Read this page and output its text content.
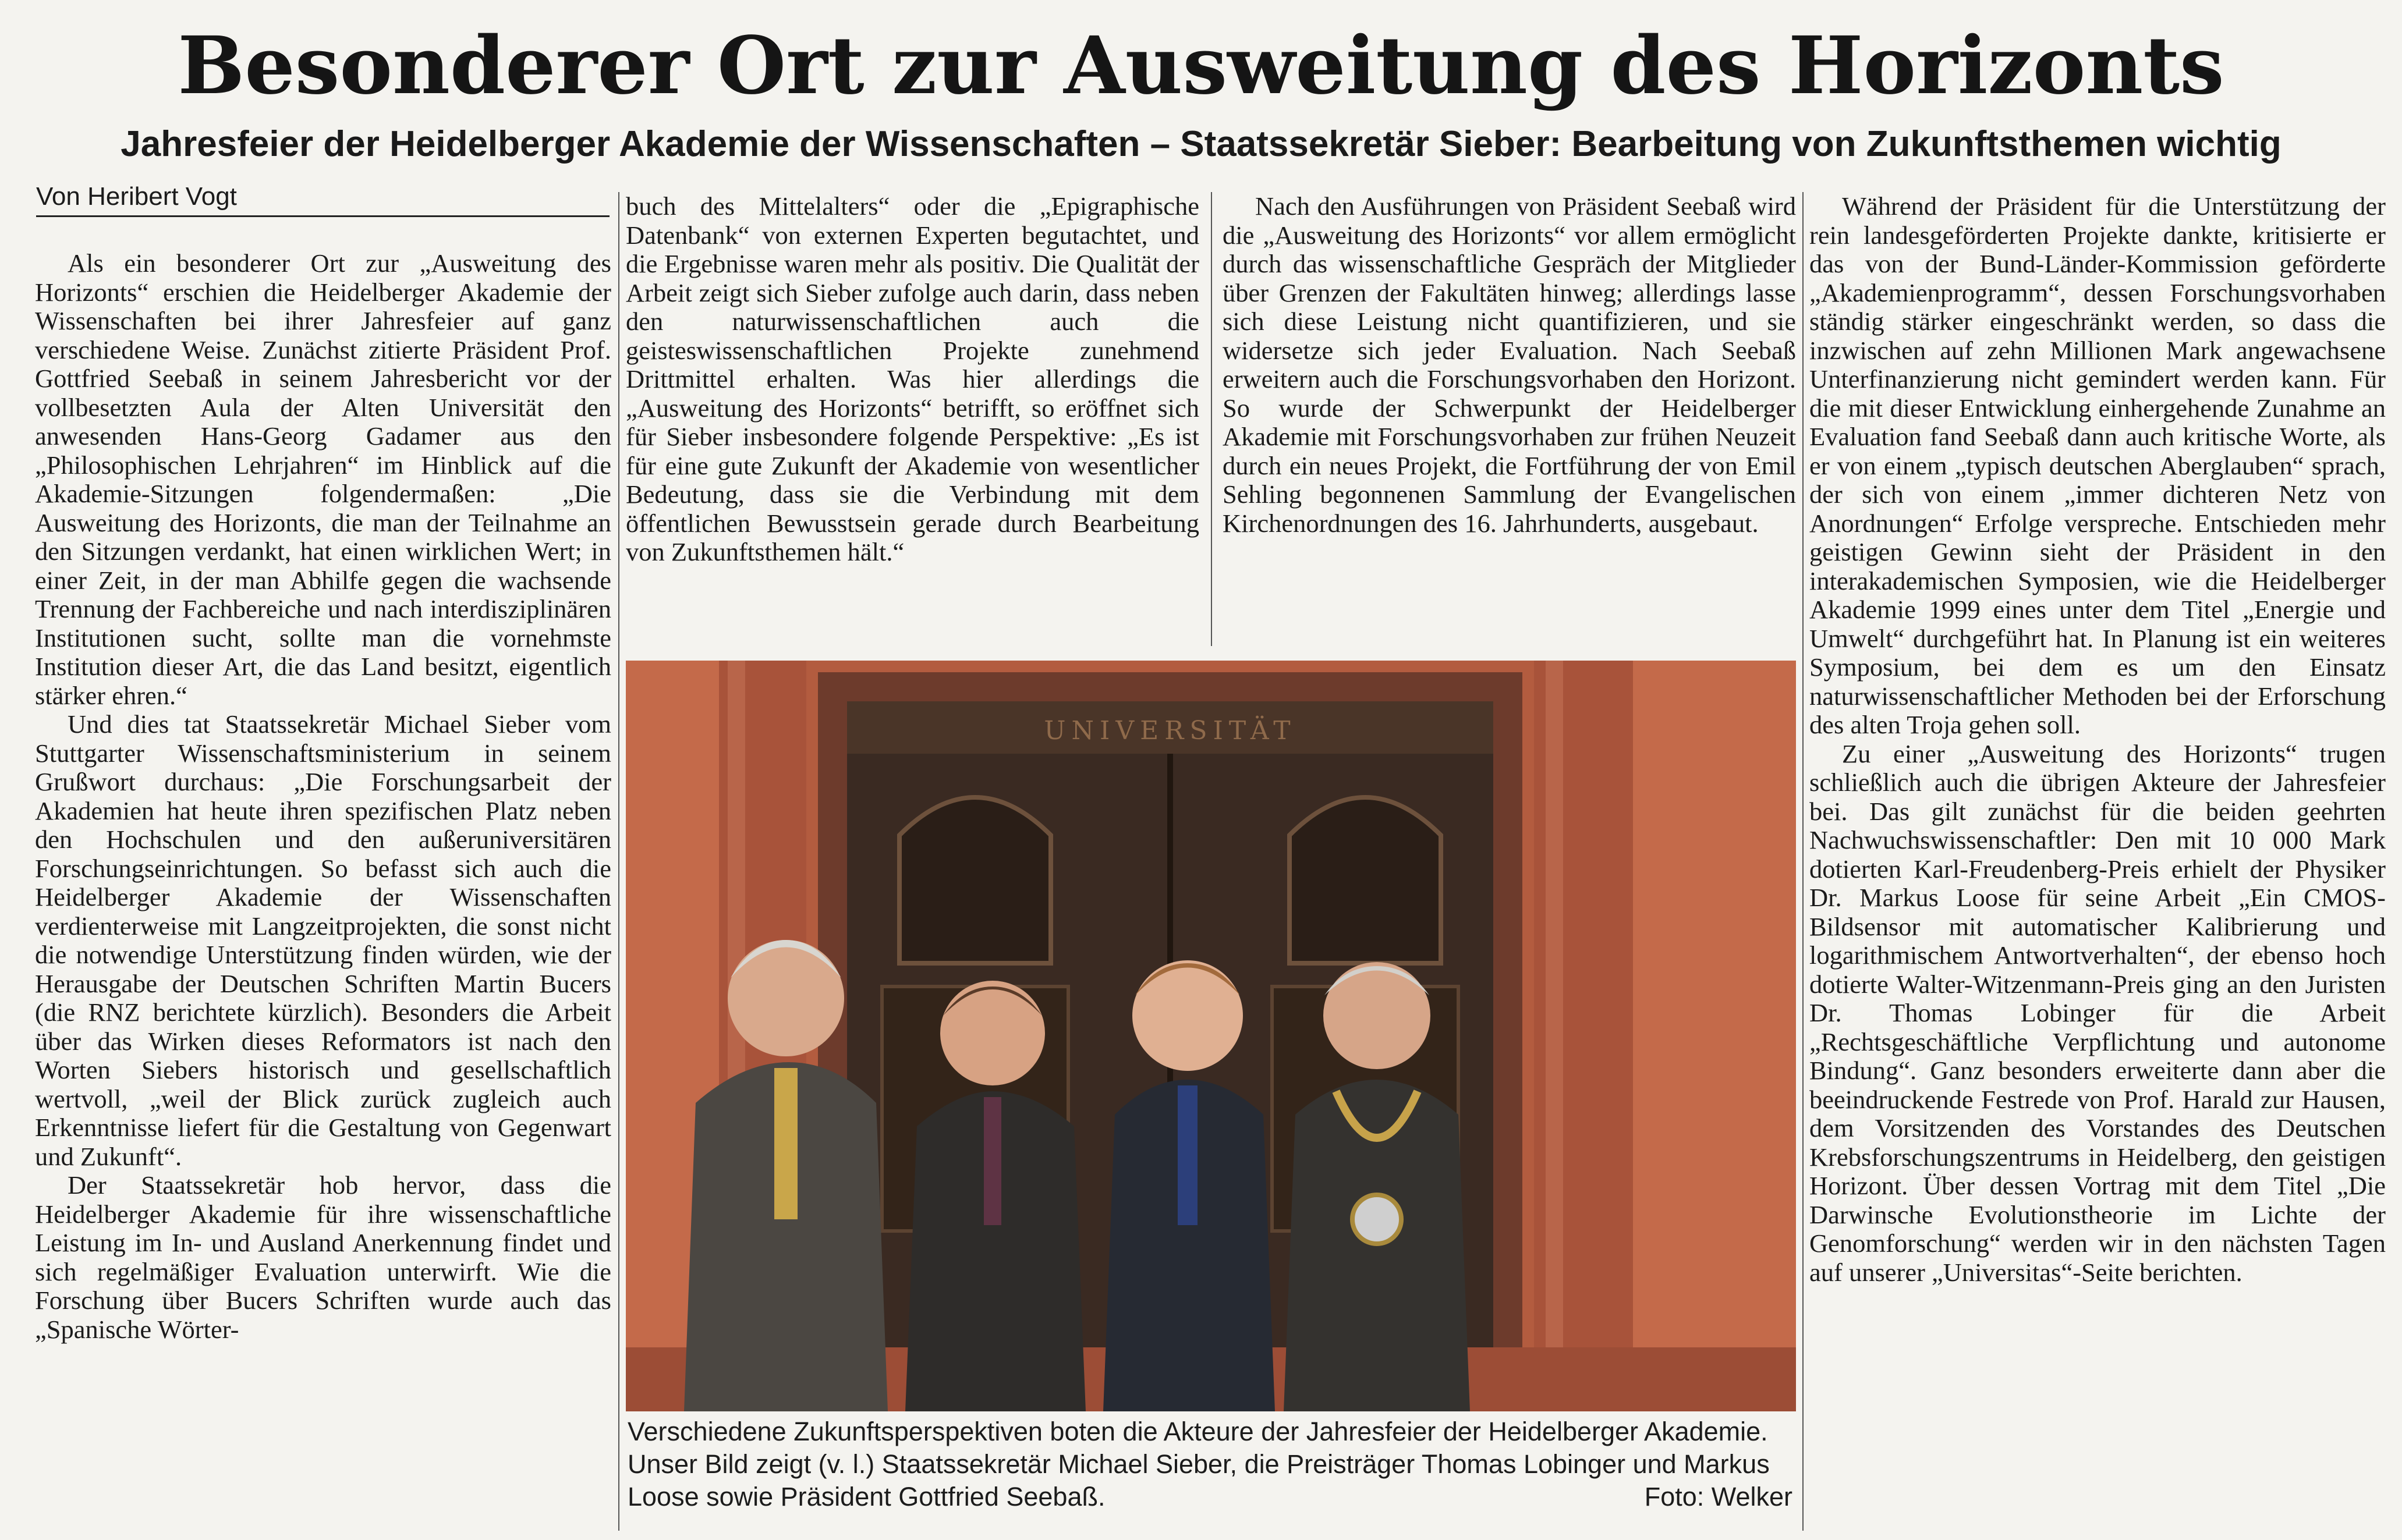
Besonderer Ort zur Ausweitung des Horizonts
Jahresfeier der Heidelberger Akademie der Wissenschaften – Staatssekretär Sieber: Bearbeitung von Zukunftsthemen wichtig
Von Heribert Vogt

Als ein besonderer Ort zur „Ausweitung des Horizonts“ erschien die Heidelberger Akademie der Wissenschaften bei ihrer Jahresfeier auf ganz verschiedene Weise. Zunächst zitierte Präsident Prof. Gottfried Seebaß in seinem Jahresbericht vor der vollbesetzten Aula der Alten Universität den anwesenden Hans-Georg Gadamer aus den „Philosophischen Lehrjahren“ im Hinblick auf die Akademie-Sitzungen folgendermaßen: „Die Ausweitung des Horizonts, die man der Teilnahme an den Sitzungen verdankt, hat einen wirklichen Wert; in einer Zeit, in der man Abhilfe gegen die wachsende Trennung der Fachbereiche und nach interdisziplinären Institutionen sucht, sollte man die vornehmste Institution dieser Art, die das Land besitzt, eigentlich stärker ehren.“

Und dies tat Staatssekretär Michael Sieber vom Stuttgarter Wissenschaftsministerium in seinem Grußwort durchaus: „Die Forschungsarbeit der Akademien hat heute ihren spezifischen Platz neben den Hochschulen und den außeruniversitären Forschungseinrichtungen. So befasst sich auch die Heidelberger Akademie der Wissenschaften verdienterweise mit Langzeitprojekten, die sonst nicht die notwendige Unterstützung finden würden, wie der Herausgabe der Deutschen Schriften Martin Bucers (die RNZ berichtete kürzlich). Besonders die Arbeit über das Wirken dieses Reformators ist nach den Worten Siebers historisch und gesellschaftlich wertvoll, „weil der Blick zurück zugleich auch Erkenntnisse liefert für die Gestaltung von Gegenwart und Zukunft“.

Der Staatssekretär hob hervor, dass die Heidelberger Akademie für ihre wissenschaftliche Leistung im In- und Ausland Anerkennung findet und sich regelmäßiger Evaluation unterwirft. Wie die Forschung über Bucers Schriften wurde auch das „Spanische Wörter-

buch des Mittelalters“ oder die „Epigraphische Datenbank“ von externen Experten begutachtet, und die Ergebnisse waren mehr als positiv. Die Qualität der Arbeit zeigt sich Sieber zufolge auch darin, dass neben den naturwissenschaftlichen auch die geisteswissenschaftlichen Projekte zunehmend Drittmittel erhalten. Was hier allerdings die „Ausweitung des Horizonts“ betrifft, so eröffnet sich für Sieber insbesondere folgende Perspektive: „Es ist für eine gute Zukunft der Akademie von wesentlicher Bedeutung, dass sie die Verbindung mit dem öffentlichen Bewusstsein gerade durch Bearbeitung von Zukunftsthemen hält.“

Nach den Ausführungen von Präsident Seebaß wird die „Ausweitung des Horizonts“ vor allem ermöglicht durch das wissenschaftliche Gespräch der Mitglieder über Grenzen der Fakultäten hinweg; allerdings lasse sich diese Leistung nicht quantifizieren, und sie widersetze sich jeder Evaluation. Nach Seebaß erweitern auch die Forschungsvorhaben den Horizont. So wurde der Schwerpunkt der Heidelberger Akademie mit Forschungsvorhaben zur frühen Neuzeit durch ein neues Projekt, die Fortführung der von Emil Sehling begonnenen Sammlung der Evangelischen Kirchenordnungen des 16. Jahrhunderts, ausgebaut.

Während der Präsident für die Unterstützung der rein landesgeförderten Projekte dankte, kritisierte er das von der Bund-Länder-Kommission geförderte „Akademienprogramm“, dessen Forschungsvorhaben ständig stärker eingeschränkt werden, so dass die inzwischen auf zehn Millionen Mark angewachsene Unterfinanzierung nicht gemindert werden kann. Für die mit dieser Entwicklung einhergehende Zunahme an Evaluation fand Seebaß dann auch kritische Worte, als er von einem „typisch deutschen Aberglauben“ sprach, der sich von einem „immer dichteren Netz von Anordnungen“ Erfolge verspreche. Entschieden mehr geistigen Gewinn sieht der Präsident in den interakademischen Symposien, wie die Heidelberger Akademie 1999 eines unter dem Titel „Energie und Umwelt“ durchgeführt hat. In Planung ist ein weiteres Symposium, bei dem es um den Einsatz naturwissenschaftlicher Methoden bei der Erforschung des alten Troja gehen soll.

Zu einer „Ausweitung des Horizonts“ trugen schließlich auch die übrigen Akteure der Jahresfeier bei. Das gilt zunächst für die beiden geehrten Nachwuchswissenschaftler: Den mit 10 000 Mark dotierten Karl-Freudenberg-Preis erhielt der Physiker Dr. Markus Loose für seine Arbeit „Ein CMOS-Bildsensor mit automatischer Kalibrierung und logarithmischem Antwortverhalten“, der ebenso hoch dotierte Walter-Witzenmann-Preis ging an den Juristen Dr. Thomas Lobinger für die Arbeit „Rechtsgeschäftliche Verpflichtung und autonome Bindung“. Ganz besonders erweiterte dann aber die beeindruckende Festrede von Prof. Harald zur Hausen, dem Vorsitzenden des Vorstandes des Deutschen Krebsforschungszentrums in Heidelberg, den geistigen Horizont. Über dessen Vortrag mit dem Titel „Die Darwinsche Evolutionstheorie im Lichte der Genomforschung“ werden wir in den nächsten Tagen auf unserer „Universitas“-Seite berichten.

UNIVERSITÄT
Verschiedene Zukunftsperspektiven boten die Akteure der Jahresfeier der Heidelberger Akademie. Unser Bild zeigt (v. l.) Staatssekretär Michael Sieber, die Preisträger Thomas Lobinger und Markus Loose sowie Präsident Gottfried Seebaß.	Foto: Welker
